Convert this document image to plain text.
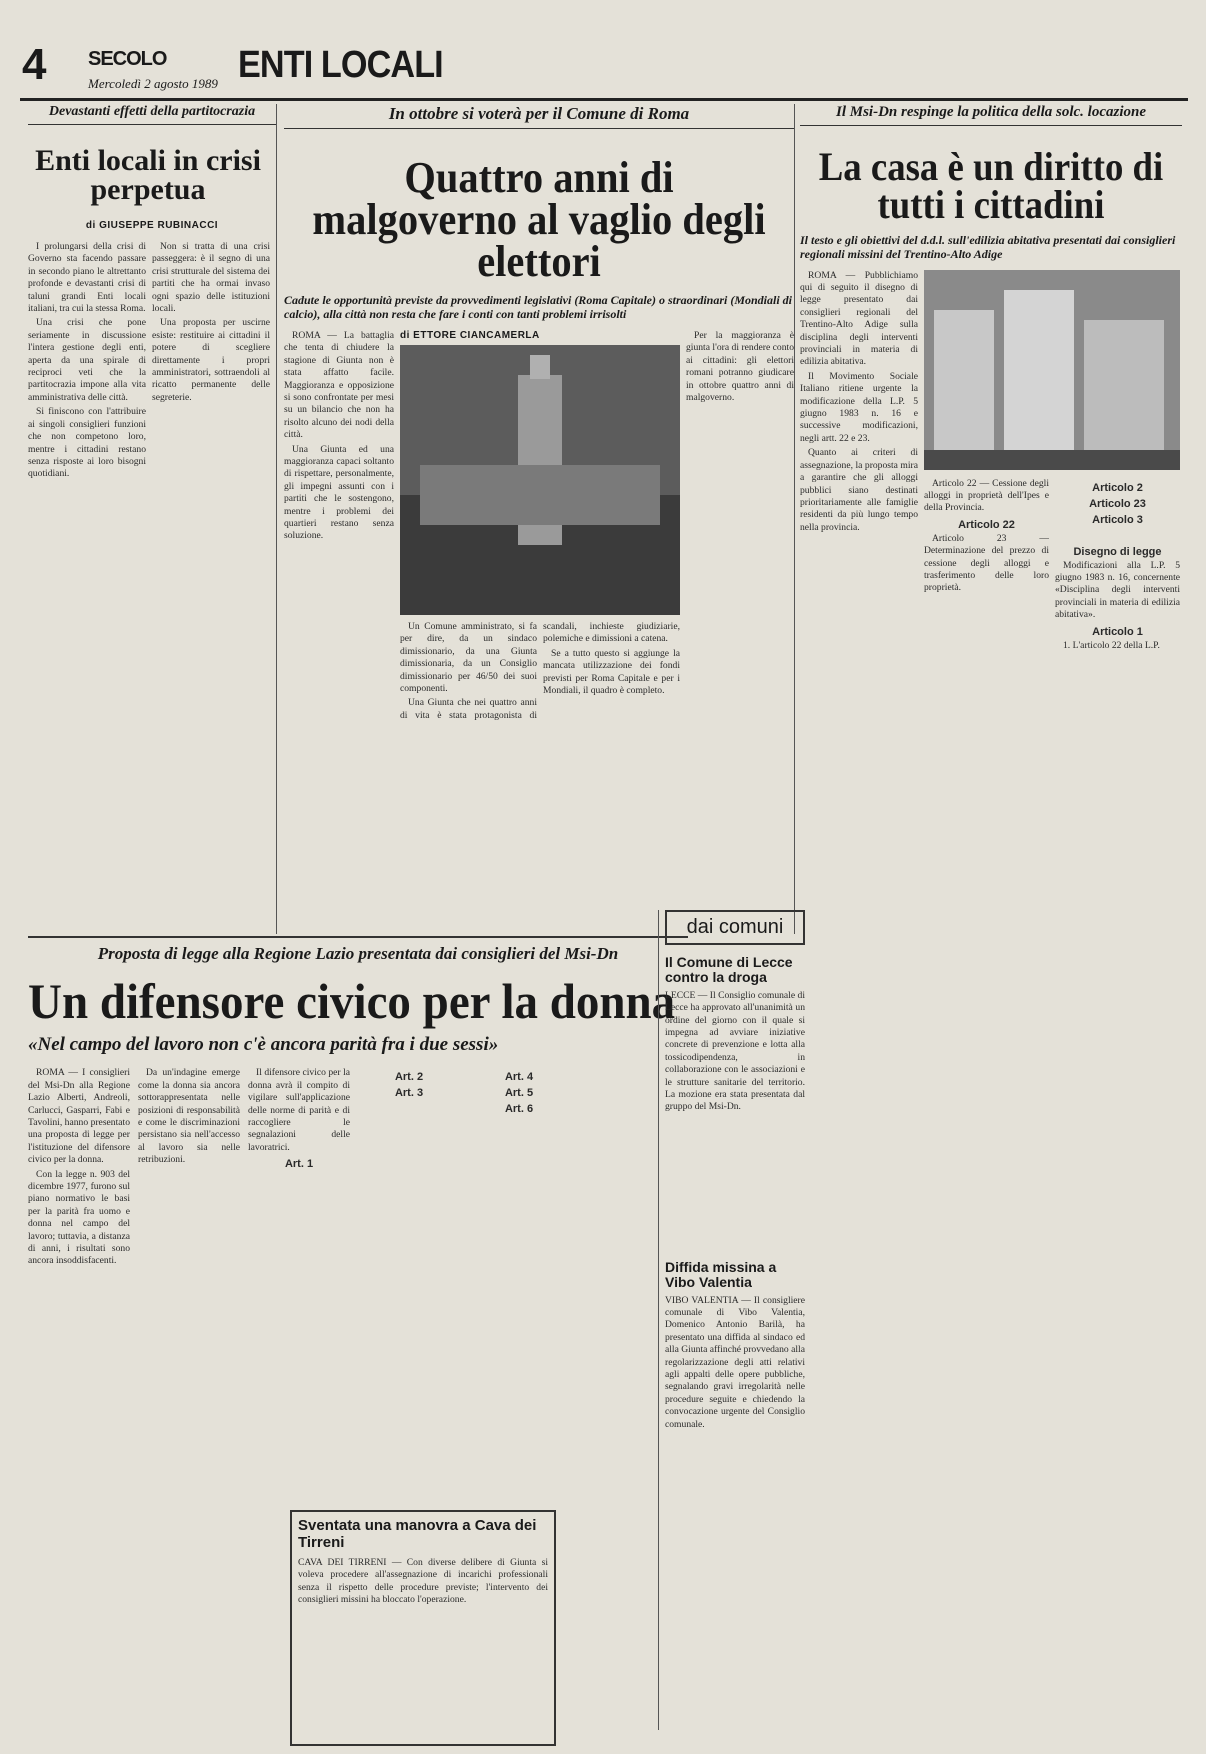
4 SECOLO
Mercoledì 2 agosto 1989 ENTI LOCALI
Devastanti effetti della partitocrazia
Enti locali in crisi perpetua
di GIUSEPPE RUBINACCI

I prolungarsi della crisi di Governo sta facendo passare in secondo piano le altrettanto profonde e devastanti crisi di taluni grandi Enti locali italiani, tra cui la stessa Roma.

Una crisi che pone seriamente in discussione l'intera gestione degli enti, aperta da una spirale di reciproci veti che la partitocrazia impone alla vita amministrativa delle città.

Si finiscono con l'attribuire ai singoli consiglieri funzioni che non competono loro, mentre i cittadini restano senza risposte ai loro bisogni quotidiani.

Non si tratta di una crisi passeggera: è il segno di una crisi strutturale del sistema dei partiti che ha ormai invaso ogni spazio delle istituzioni locali.

Una proposta per uscirne esiste: restituire ai cittadini il potere di scegliere direttamente i propri amministratori, sottraendoli al ricatto permanente delle segreterie.

In ottobre si voterà per il Comune di Roma
Quattro anni di malgoverno al vaglio degli elettori
Cadute le opportunità previste da provvedimenti legislativi (Roma Capitale) o straordinari (Mondiali di calcio), alla città non resta che fare i conti con tanti problemi irrisolti

ROMA — La battaglia che tenta di chiudere la stagione di Giunta non è stata affatto facile. Maggioranza e opposizione si sono confrontate per mesi su un bilancio che non ha risolto alcuno dei nodi della città.

Una Giunta ed una maggioranza capaci soltanto di rispettare, personalmente, gli impegni assunti con i partiti che le sostengono, mentre i problemi dei quartieri restano senza soluzione.

di ETTORE CIANCAMERLA

Un Comune amministrato, si fa per dire, da un sindaco dimissionario, da una Giunta dimissionaria, da un Consiglio dimissionario per 46/50 dei suoi componenti.

Una Giunta che nei quattro anni di vita è stata protagonista di scandali, inchieste giudiziarie, polemiche e dimissioni a catena.

Se a tutto questo si aggiunge la mancata utilizzazione dei fondi previsti per Roma Capitale e per i Mondiali, il quadro è completo.

Per la maggioranza è giunta l'ora di rendere conto ai cittadini: gli elettori romani potranno giudicare in ottobre quattro anni di malgoverno.

Il Msi-Dn respinge la politica della solc. locazione
La casa è un diritto di tutti i cittadini
Il testo e gli obiettivi del d.d.l. sull'edilizia abitativa presentati dai consiglieri regionali missini del Trentino-Alto Adige

ROMA — Pubblichiamo qui di seguito il disegno di legge presentato dai consiglieri regionali del Trentino-Alto Adige sulla disciplina degli interventi provinciali in materia di edilizia abitativa.

Il Movimento Sociale Italiano ritiene urgente la modificazione della L.P. 5 giugno 1983 n. 16 e successive modificazioni, negli artt. 22 e 23.

Quanto ai criteri di assegnazione, la proposta mira a garantire che gli alloggi pubblici siano destinati prioritariamente alle famiglie residenti da più lungo tempo nella provincia.

Articolo 22 — Cessione degli alloggi in proprietà dell'Ipes e della Provincia.

Articolo 22

Articolo 23 — Determinazione del prezzo di cessione degli alloggi e trasferimento delle loro proprietà.

Articolo 2
Articolo 23
Articolo 3
Disegno di legge

Modificazioni alla L.P. 5 giugno 1983 n. 16, concernente «Disciplina degli interventi provinciali in materia di edilizia abitativa».

Articolo 1

1. L'articolo 22 della L.P.

Proposta di legge alla Regione Lazio presentata dai consiglieri del Msi-Dn
Un difensore civico per la donna
«Nel campo del lavoro non c'è ancora parità fra i due sessi»

ROMA — I consiglieri del Msi-Dn alla Regione Lazio Alberti, Andreoli, Carlucci, Gasparri, Fabi e Tavolini, hanno presentato una proposta di legge per l'istituzione del difensore civico per la donna.

Con la legge n. 903 del dicembre 1977, furono sul piano normativo le basi per la parità fra uomo e donna nel campo del lavoro; tuttavia, a distanza di anni, i risultati sono ancora insoddisfacenti.

Da un'indagine emerge come la donna sia ancora sottorappresentata nelle posizioni di responsabilità e come le discriminazioni persistano sia nell'accesso al lavoro sia nelle retribuzioni.

Il difensore civico per la donna avrà il compito di vigilare sull'applicazione delle norme di parità e di raccogliere le segnalazioni delle lavoratrici.

Art. 1
Art. 2
Art. 3
Art. 4
Art. 5
Art. 6
dai comuni
Il Comune di Lecce contro la droga
LECCE — Il Consiglio comunale di Lecce ha approvato all'unanimità un ordine del giorno con il quale si impegna ad avviare iniziative concrete di prevenzione e lotta alla tossicodipendenza, in collaborazione con le associazioni e le strutture sanitarie del territorio. La mozione era stata presentata dal gruppo del Msi-Dn.
Diffida missina a Vibo Valentia
VIBO VALENTIA — Il consigliere comunale di Vibo Valentia, Domenico Antonio Barilà, ha presentato una diffida al sindaco ed alla Giunta affinché provvedano alla regolarizzazione degli atti relativi agli appalti delle opere pubbliche, segnalando gravi irregolarità nelle procedure seguite e chiedendo la convocazione urgente del Consiglio comunale.
Sventata una manovra a Cava dei Tirreni
CAVA DEI TIRRENI — Con diverse delibere di Giunta si voleva procedere all'assegnazione di incarichi professionali senza il rispetto delle procedure previste; l'intervento dei consiglieri missini ha bloccato l'operazione.
